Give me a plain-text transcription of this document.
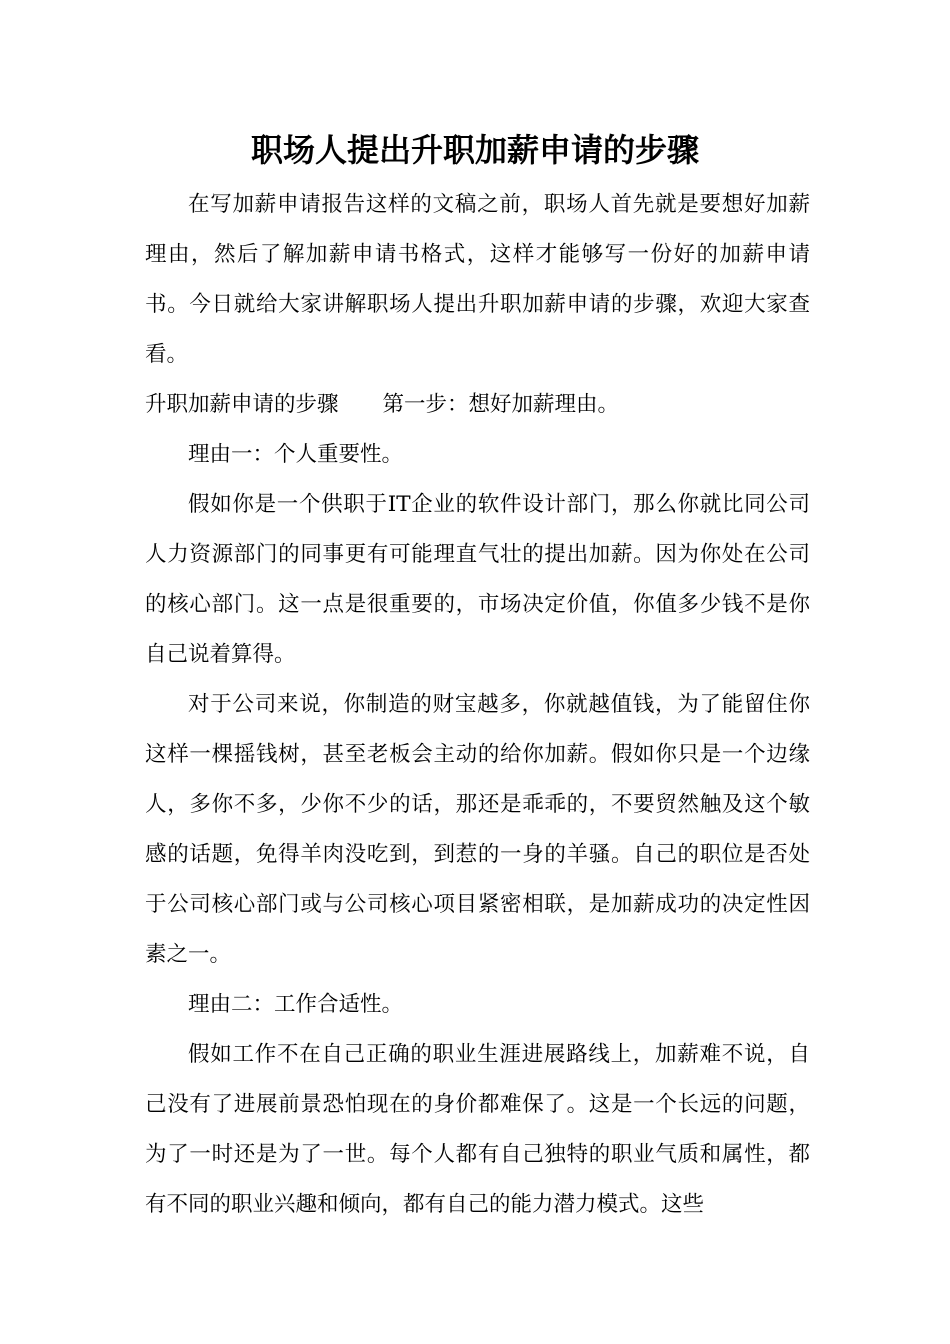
职场人提出升职加薪申请的步骤

在写加薪申请报告这样的文稿之前，职场人首先就是要想好加薪理由，然后了解加薪申请书格式，这样才能够写一份好的加薪申请书。今日就给大家讲解职场人提出升职加薪申请的步骤，欢迎大家查看。

升职加薪申请的步骤 第一步：想好加薪理由。

理由一：个人重要性。

假如你是一个供职于IT企业的软件设计部门，那么你就比同公司人力资源部门的同事更有可能理直气壮的提出加薪。因为你处在公司的核心部门。这一点是很重要的，市场决定价值，你值多少钱不是你自己说着算得。

对于公司来说，你制造的财宝越多，你就越值钱，为了能留住你这样一棵摇钱树，甚至老板会主动的给你加薪。假如你只是一个边缘人，多你不多，少你不少的话，那还是乖乖的，不要贸然触及这个敏感的话题，免得羊肉没吃到，到惹的一身的羊骚。自己的职位是否处于公司核心部门或与公司核心项目紧密相联，是加薪成功的决定性因素之一。

理由二：工作合适性。

假如工作不在自己正确的职业生涯进展路线上，加薪难不说，自己没有了进展前景恐怕现在的身价都难保了。这是一个长远的问题，为了一时还是为了一世。每个人都有自己独特的职业气质和属性，都有不同的职业兴趣和倾向，都有自己的能力潜力模式。这些
